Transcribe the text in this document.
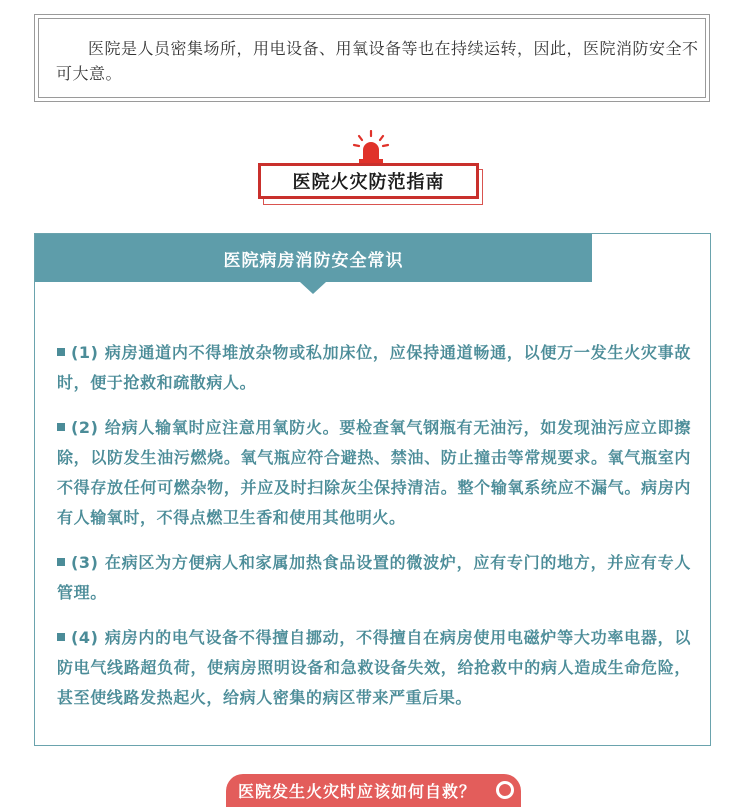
医院是人员密集场所，用电设备、用氧设备等也在持续运转，因此，医院消防安全不可大意。
医院火灾防范指南
医院病房消防安全常识

(1) 病房通道内不得堆放杂物或私加床位，应保持通道畅通，以便万一发生火灾事故时，便于抢救和疏散病人。

(2) 给病人输氧时应注意用氧防火。要检查氧气钢瓶有无油污，如发现油污应立即擦除，以防发生油污燃烧。氧气瓶应符合避热、禁油、防止撞击等常规要求。氧气瓶室内不得存放任何可燃杂物，并应及时扫除灰尘保持清洁。整个输氧系统应不漏气。病房内有人输氧时，不得点燃卫生香和使用其他明火。

(3) 在病区为方便病人和家属加热食品设置的微波炉，应有专门的地方，并应有专人管理。

(4) 病房内的电气设备不得擅自挪动，不得擅自在病房使用电磁炉等大功率电器，以防电气线路超负荷，使病房照明设备和急救设备失效，给抢救中的病人造成生命危险，甚至使线路发热起火，给病人密集的病区带来严重后果。

医院发生火灾时应该如何自救？
